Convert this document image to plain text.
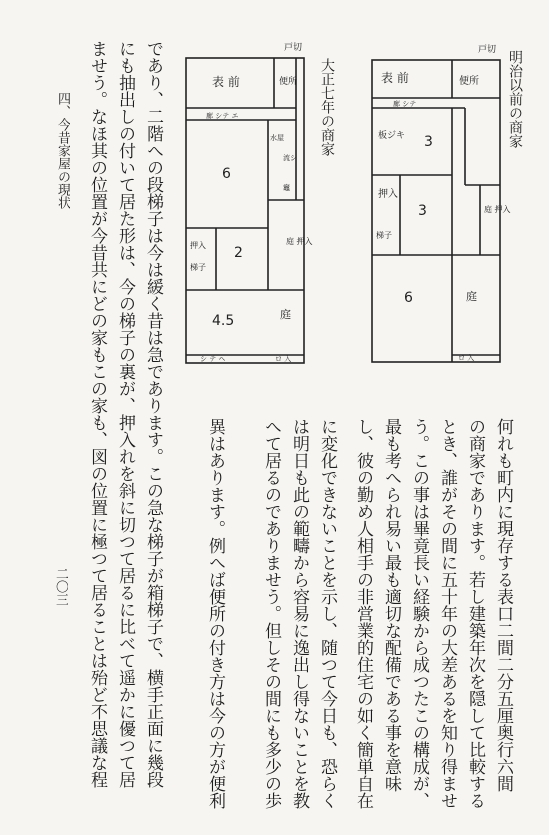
明治以前の商家
大正七年の商家
戸切
表 前	便所
廊 シテ
板ジキ 3
押入
3
梯子
庭 押入
6	庭
ロ 入
戸切
表 前	便所
廊 シテ エ
水屋
流シ
竈
6
押入
梯子
2
庭 押入
4.5	庭
シ テ ヘ	ロ 入
何れも町内に現存する表口二間二分五厘奥行六間
の商家であります。若し建築年次を隠して比較する
とき、誰がその間に五十年の大差あるを知り得ませ
う。この事は畢竟長い経験から成つたこの構成が、
最も考へられ易い最も適切な配備である事を意味
し、彼の勤め人相手の非営業的住宅の如く簡単自在
に変化できないことを示し、随つて今日も、恐らく
は明日も此の範疇から容易に逸出し得ないことを教
へて居るのでありませう。但しその間にも多少の歩
異はあります。例へば便所の付き方は今の方が便利
であり、二階への段梯子は今は緩く昔は急であります。この急な梯子が箱梯子で、横手正面に幾段
にも抽出しの付いて居た形は、今の梯子の裏が、押入れを斜に切つて居るに比べて遥かに優つて居
ませう。なほ其の位置が今昔共にどの家もこの家も、図の位置に極つて居ることは殆ど不思議な程
四、今昔家屋の現状
二〇三
